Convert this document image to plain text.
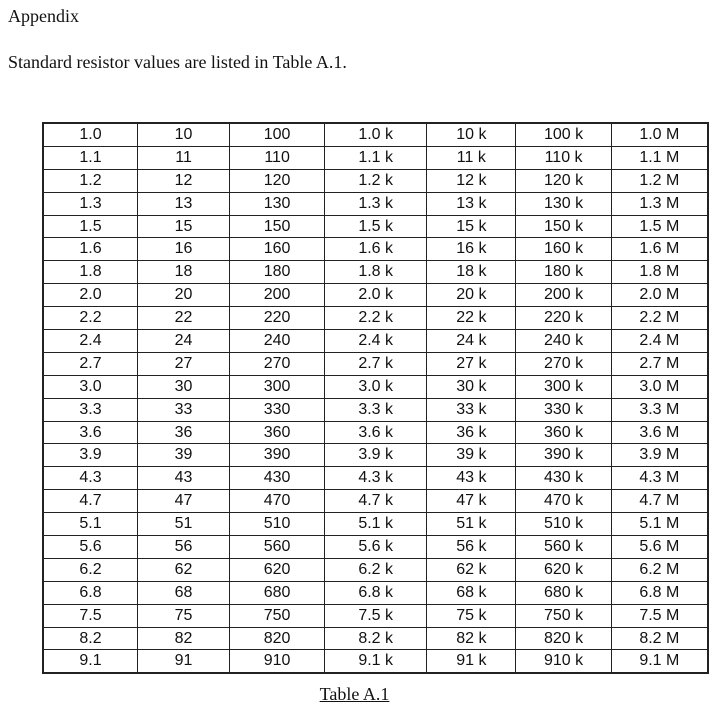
Appendix

Standard resistor values are listed in Table A.1.

1.0	10	100	1.0 k	10 k	100 k	1.0 M
1.1	11	110	1.1 k	11 k	110 k	1.1 M
1.2	12	120	1.2 k	12 k	120 k	1.2 M
1.3	13	130	1.3 k	13 k	130 k	1.3 M
1.5	15	150	1.5 k	15 k	150 k	1.5 M
1.6	16	160	1.6 k	16 k	160 k	1.6 M
1.8	18	180	1.8 k	18 k	180 k	1.8 M
2.0	20	200	2.0 k	20 k	200 k	2.0 M
2.2	22	220	2.2 k	22 k	220 k	2.2 M
2.4	24	240	2.4 k	24 k	240 k	2.4 M
2.7	27	270	2.7 k	27 k	270 k	2.7 M
3.0	30	300	3.0 k	30 k	300 k	3.0 M
3.3	33	330	3.3 k	33 k	330 k	3.3 M
3.6	36	360	3.6 k	36 k	360 k	3.6 M
3.9	39	390	3.9 k	39 k	390 k	3.9 M
4.3	43	430	4.3 k	43 k	430 k	4.3 M
4.7	47	470	4.7 k	47 k	470 k	4.7 M
5.1	51	510	5.1 k	51 k	510 k	5.1 M
5.6	56	560	5.6 k	56 k	560 k	5.6 M
6.2	62	620	6.2 k	62 k	620 k	6.2 M
6.8	68	680	6.8 k	68 k	680 k	6.8 M
7.5	75	750	7.5 k	75 k	750 k	7.5 M
8.2	82	820	8.2 k	82 k	820 k	8.2 M
9.1	91	910	9.1 k	91 k	910 k	9.1 M

Table A.1
